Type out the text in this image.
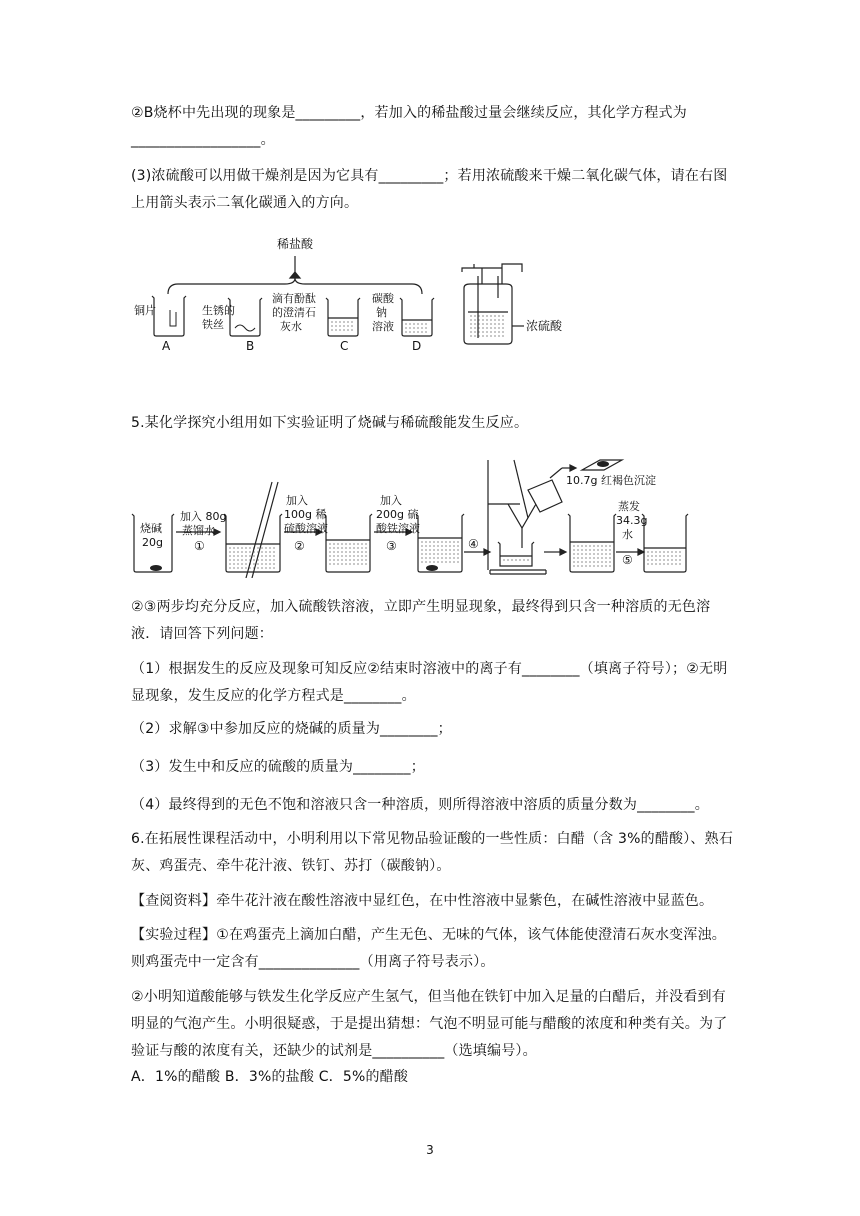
②B烧杯中先出现的现象是_________，若加入的稀盐酸过量会继续反应，其化学方程式为__________________。

(3)浓硫酸可以用做干燥剂是因为它具有_________；若用浓硫酸来干燥二氧化碳气体，请在右图上用箭头表示二氧化碳通入的方向。

稀盐酸
铜片	生锈的
铁丝
滴有酚酞
的澄清石
灰水
碳酸
钠
溶液
A	B	C	D
浓硫酸

5.某化学探究小组用如下实验证明了烧碱与稀硫酸能发生反应。

烧碱
20g
加入 80g
蒸馏水
①
加入
100g 稀
硫酸溶液
②
加入
200g 硫
酸铁溶液
③	④
10.7g 红褐色沉淀
蒸发
34.3g
水
⑤

②③两步均充分反应，加入硫酸铁溶液，立即产生明显现象，最终得到只含一种溶质的无色溶液．请回答下列问题：

（1）根据发生的反应及现象可知反应②结束时溶液中的离子有________（填离子符号）；②无明显现象，发生反应的化学方程式是________。

（2）求解③中参加反应的烧碱的质量为________；

（3）发生中和反应的硫酸的质量为________；

（4）最终得到的无色不饱和溶液只含一种溶质，则所得溶液中溶质的质量分数为________。

6.在拓展性课程活动中，小明利用以下常见物品验证酸的一些性质：白醋（含 3%的醋酸）、熟石灰、鸡蛋壳、牵牛花汁液、铁钉、苏打（碳酸钠）。

【查阅资料】牵牛花汁液在酸性溶液中显红色，在中性溶液中显紫色，在碱性溶液中显蓝色。

【实验过程】①在鸡蛋壳上滴加白醋，产生无色、无味的气体，该气体能使澄清石灰水变浑浊。 则鸡蛋壳中一定含有______________（用离子符号表示）。

②小明知道酸能够与铁发生化学反应产生氢气，但当他在铁钉中加入足量的白醋后，并没看到有明显的气泡产生。小明很疑惑，于是提出猜想：气泡不明显可能与醋酸的浓度和种类有关。为了验证与酸的浓度有关，还缺少的试剂是__________（选填编号）。

A．1%的醋酸 B．3%的盐酸 C．5%的醋酸

3
